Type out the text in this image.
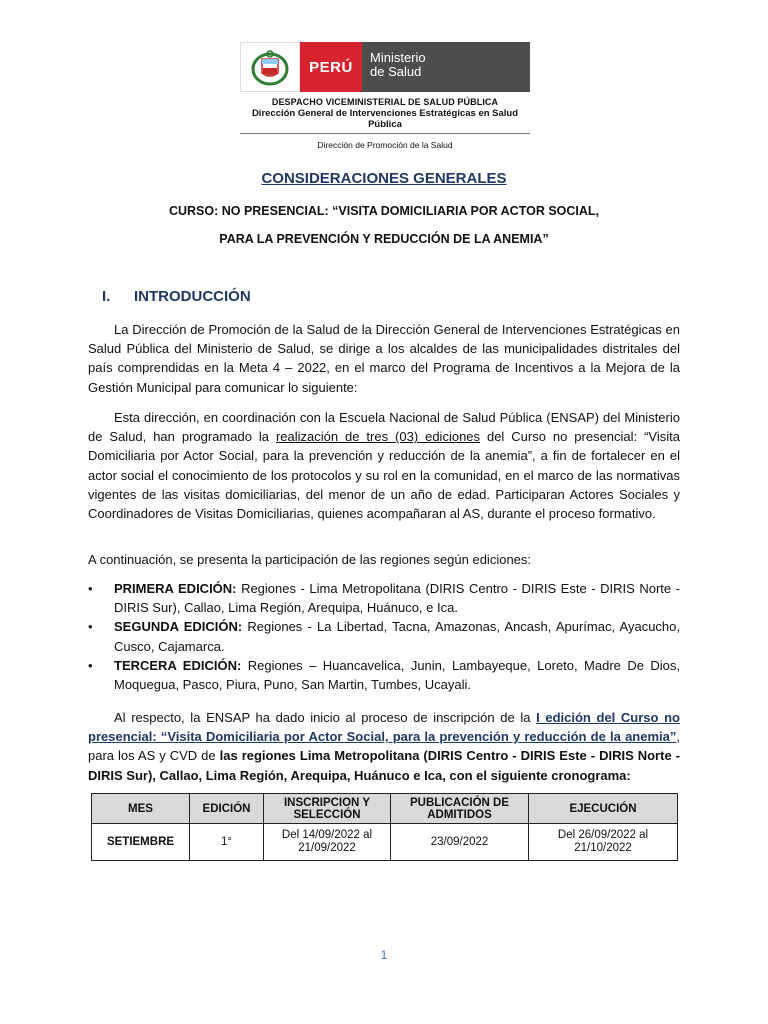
PERÚ
Ministerio
de Salud
DESPACHO VICEMINISTERIAL DE SALUD PÚBLICA
Dirección General de Intervenciones Estratégicas en Salud Pública
Dirección de Promoción de la Salud
CONSIDERACIONES GENERALES
CURSO: NO PRESENCIAL: “VISITA DOMICILIARIA POR ACTOR SOCIAL,
PARA LA PREVENCIÓN Y REDUCCIÓN DE LA ANEMIA”
I. INTRODUCCIÓN

La Dirección de Promoción de la Salud de la Dirección General de Intervenciones Estratégicas en Salud Pública del Ministerio de Salud, se dirige a los alcaldes de las municipalidades distritales del país comprendidas en la Meta 4 – 2022, en el marco del Programa de Incentivos a la Mejora de la Gestión Municipal para comunicar lo siguiente:

Esta dirección, en coordinación con la Escuela Nacional de Salud Pública (ENSAP) del Ministerio de Salud, han programado la realización de tres (03) ediciones del Curso no presencial: “Visita Domiciliaria por Actor Social, para la prevención y reducción de la anemia”, a fin de fortalecer en el actor social el conocimiento de los protocolos y su rol en la comunidad, en el marco de las normativas vigentes de las visitas domiciliarias, del menor de un año de edad. Participaran Actores Sociales y Coordinadores de Visitas Domiciliarias, quienes acompañaran al AS, durante el proceso formativo.

A continuación, se presenta la participación de las regiones según ediciones:

• PRIMERA EDICIÓN: Regiones - Lima Metropolitana (DIRIS Centro - DIRIS Este - DIRIS Norte - DIRIS Sur), Callao, Lima Región, Arequipa, Huánuco, e Ica.
• SEGUNDA EDICIÓN: Regiones - La Libertad, Tacna, Amazonas, Ancash, Apurímac, Ayacucho, Cusco, Cajamarca.
• TERCERA EDICIÓN: Regiones – Huancavelica, Junin, Lambayeque, Loreto, Madre De Dios, Moquegua, Pasco, Piura, Puno, San Martin, Tumbes, Ucayali.

Al respecto, la ENSAP ha dado inicio al proceso de inscripción de la I edición del Curso no presencial: “Visita Domiciliaria por Actor Social, para la prevención y reducción de la anemia”, para los AS y CVD de las regiones Lima Metropolitana (DIRIS Centro - DIRIS Este - DIRIS Norte - DIRIS Sur), Callao, Lima Región, Arequipa, Huánuco e Ica, con el siguiente cronograma:

MES	EDICIÓN	INSCRIPCION Y SELECCIÓN	PUBLICACIÓN DE ADMITIDOS	EJECUCIÓN
SETIEMBRE	1°	Del 14/09/2022 al 21/09/2022	23/09/2022	Del 26/09/2022 al 21/10/2022
1
